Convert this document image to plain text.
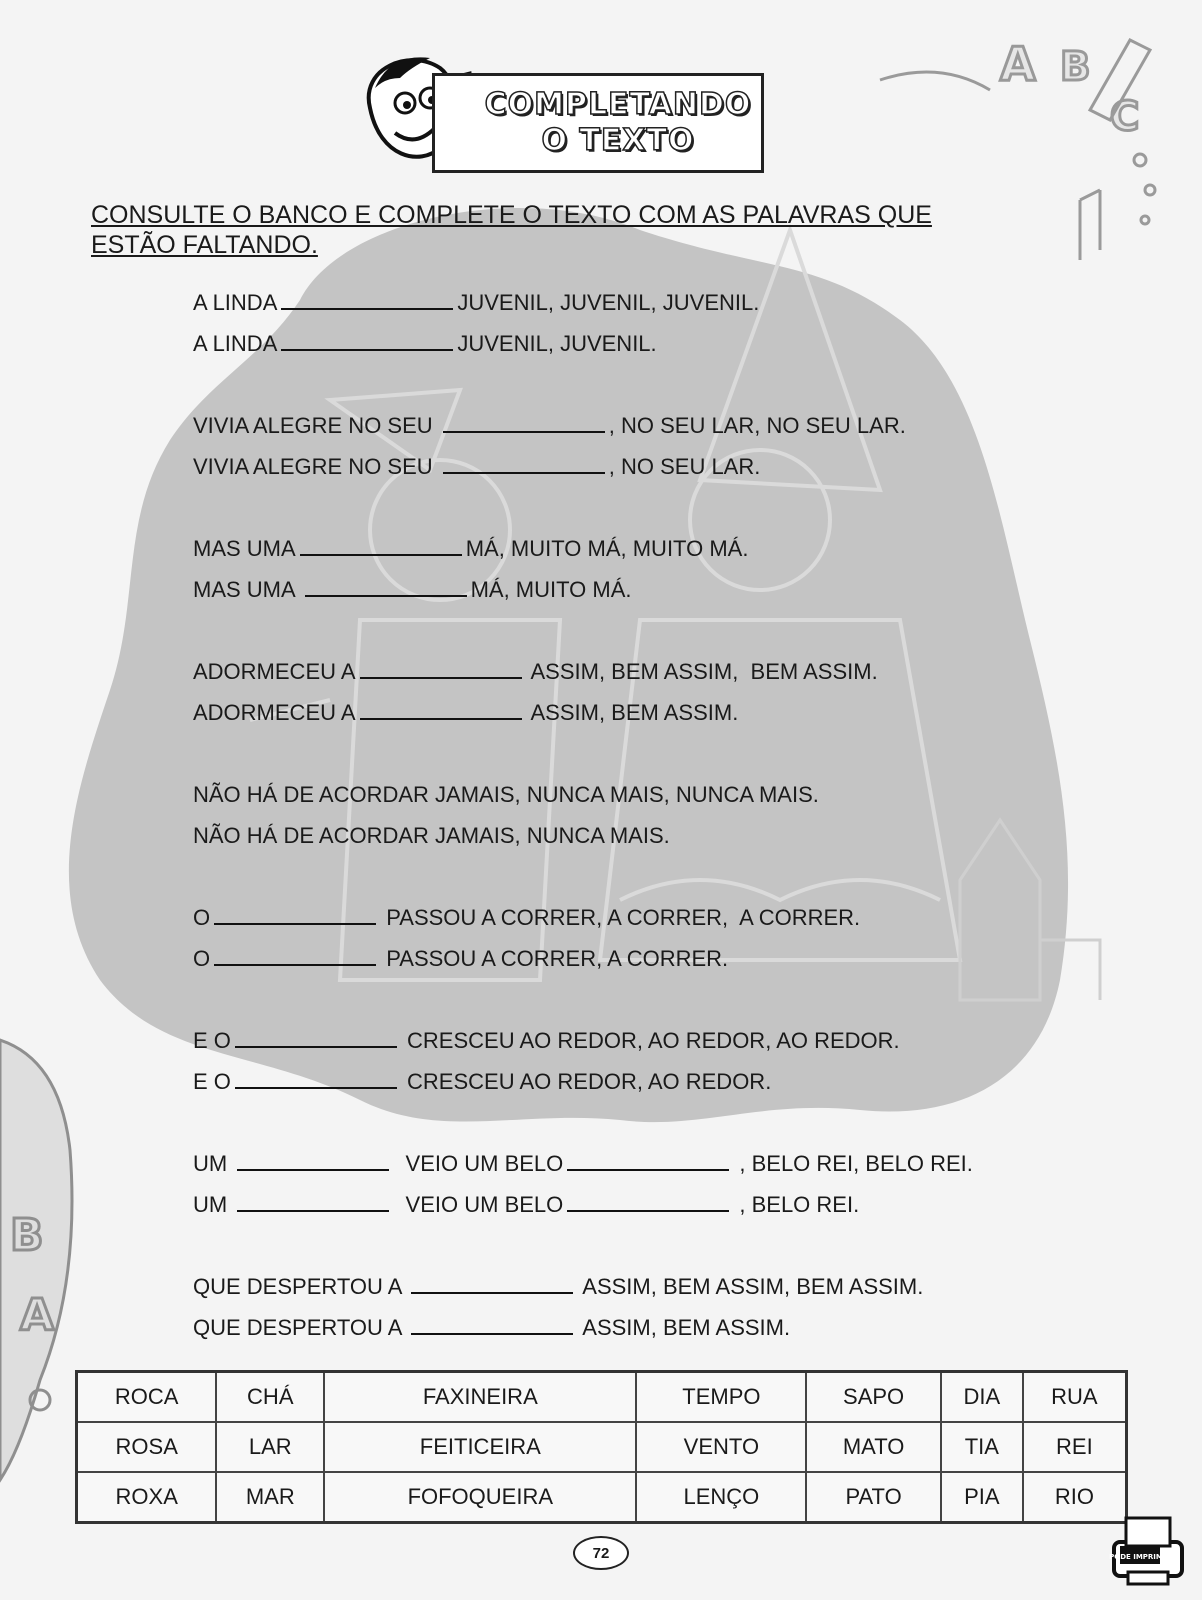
A B
C
B
A
COMPLETANDO
O TEXTO
CONSULTE O BANCO E COMPLETE O TEXTO COM AS PALAVRAS QUE ESTÃO FALTANDO.
A LINDA	JUVENIL, JUVENIL, JUVENIL.
A LINDA	JUVENIL, JUVENIL.
VIVIA ALEGRE NO SEU	, NO SEU LAR, NO SEU LAR.
VIVIA ALEGRE NO SEU	, NO SEU LAR.
MAS UMA	MÁ, MUITO MÁ, MUITO MÁ.
MAS UMA	MÁ, MUITO MÁ.
ADORMECEU A	ASSIM, BEM ASSIM,  BEM ASSIM.
ADORMECEU A	ASSIM, BEM ASSIM.
NÃO HÁ DE ACORDAR JAMAIS, NUNCA MAIS, NUNCA MAIS.
NÃO HÁ DE ACORDAR JAMAIS, NUNCA MAIS.
O	PASSOU A CORRER, A CORRER,  A CORRER.
O	PASSOU A CORRER, A CORRER.
E O	CRESCEU AO REDOR, AO REDOR, AO REDOR.
E O	CRESCEU AO REDOR, AO REDOR.
UM	VEIO UM BELO	, BELO REI, BELO REI.
UM	VEIO UM BELO	, BELO REI.
QUE DESPERTOU A	ASSIM, BEM ASSIM, BEM ASSIM.
QUE DESPERTOU A	ASSIM, BEM ASSIM.
ROCA	CHÁ	FAXINEIRA	TEMPO	SAPO	DIA	RUA
ROSA	LAR	FEITICEIRA	VENTO	MATO	TIA	REI
ROXA	MAR	FOFOQUEIRA	LENÇO	PATO	PIA	RIO
72	PODE IMPRIMIR
